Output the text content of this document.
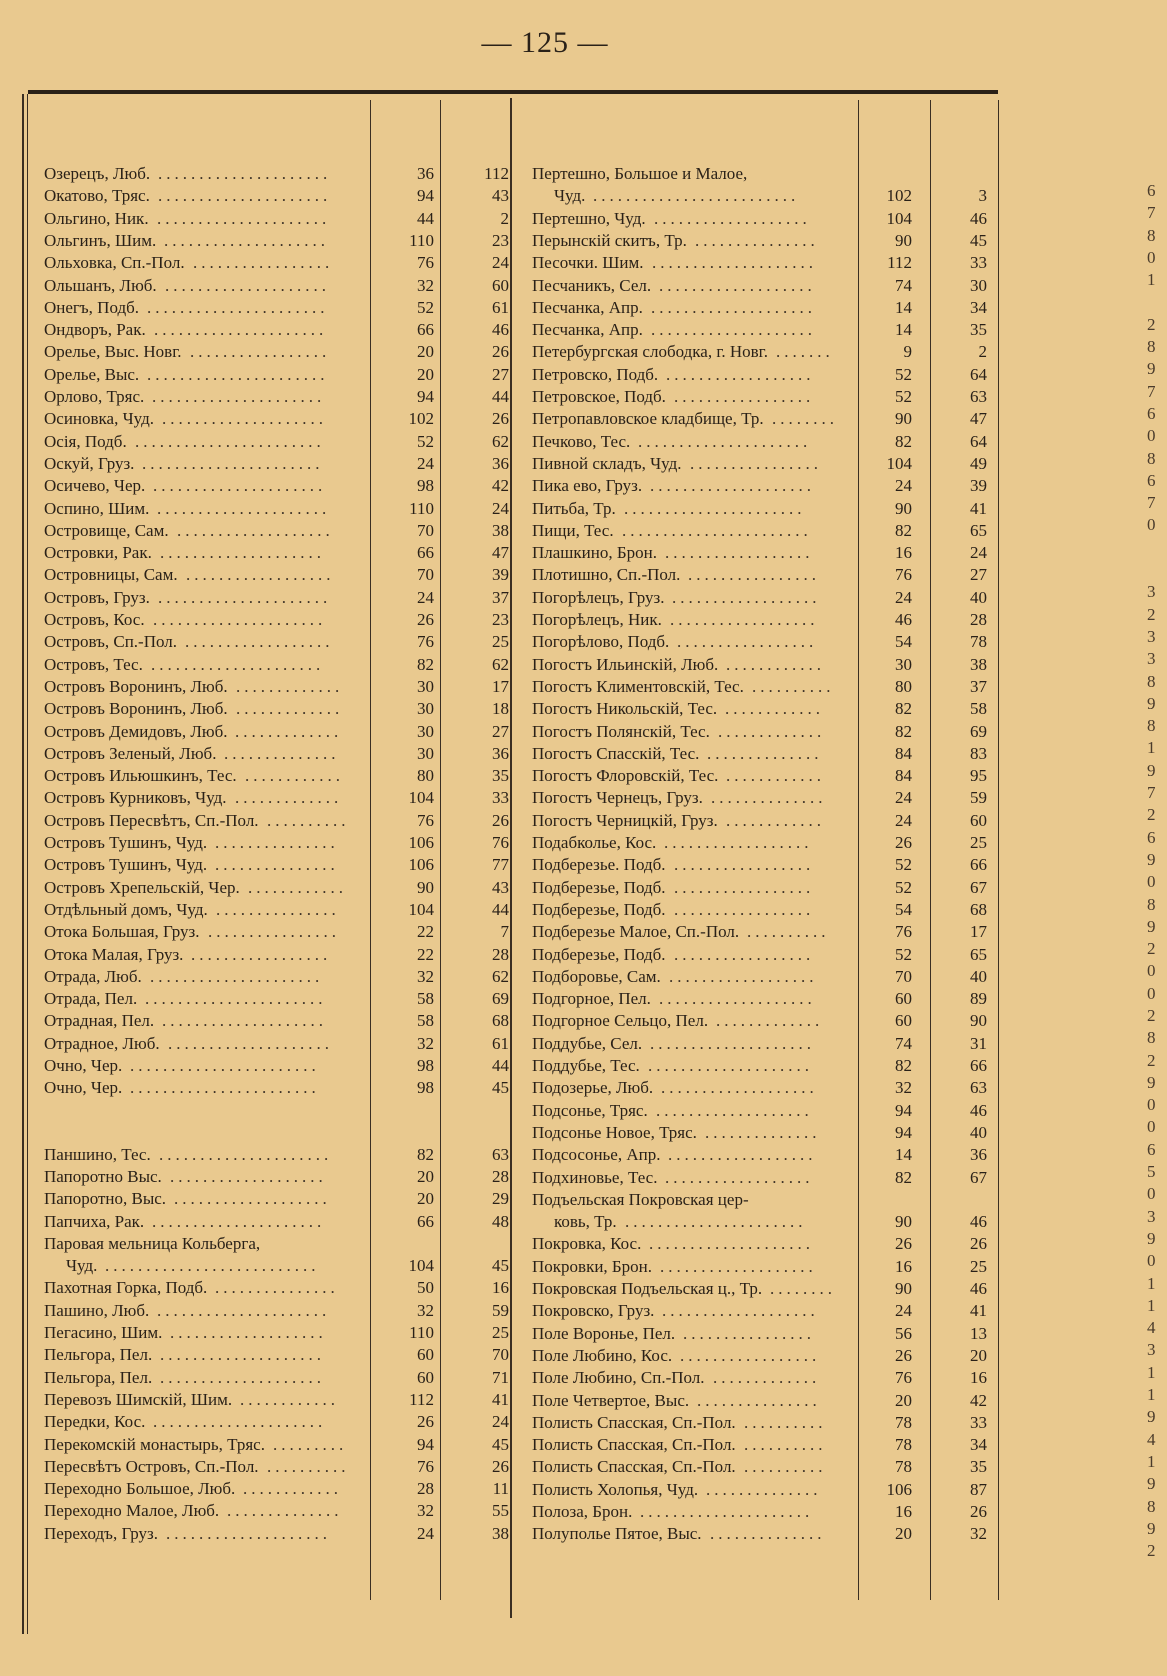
— 125 —
Озерецъ, Люб. .....................	36	112
Окатово, Тряс. .....................	94	43
Ольгино, Ник. .....................	44	2
Ольгинъ, Шим. ....................	110	23
Ольховка, Сп.-Пол. .................	76	24
Ольшанъ, Люб. ....................	32	60
Онегъ, Подб. ......................	52	61
Ондворъ, Рак. .....................	66	46
Орелье, Выс. Новг. .................	20	26
Орелье, Выс. ......................	20	27
Орлово, Тряс. .....................	94	44
Осиновка, Чуд. ....................	102	26
Осія, Подб. .......................	52	62
Оскуй, Груз. ......................	24	36
Осичево, Чер. .....................	98	42
Оспино, Шим. .....................	110	24
Островище, Сам. ...................	70	38
Островки, Рак. ....................	66	47
Островницы, Сам. ..................	70	39
Островъ, Груз. .....................	24	37
Островъ, Кос. .....................	26	23
Островъ, Сп.-Пол. ..................	76	25
Островъ, Тес. .....................	82	62
Островъ Воронинъ, Люб. .............	30	17
Островъ Воронинъ, Люб. .............	30	18
Островъ Демидовъ, Люб. .............	30	27
Островъ Зеленый, Люб. ..............	30	36
Островъ Ильюшкинъ, Тес. ............	80	35
Островъ Курниковъ, Чуд. .............	104	33
Островъ Пересвѣтъ, Сп.-Пол. ..........	76	26
Островъ Тушинъ, Чуд. ...............	106	76
Островъ Тушинъ, Чуд. ...............	106	77
Островъ Хрепельскій, Чер. ............	90	43
Отдѣльный домъ, Чуд. ...............	104	44
Отока Большая, Груз. ................	22	7
Отока Малая, Груз. .................	22	28
Отрада, Люб. .....................	32	62
Отрада, Пел. ......................	58	69
Отрадная, Пел. ....................	58	68
Отрадное, Люб. ....................	32	61
Очно, Чер. .......................	98	44
Очно, Чер. .......................	98	45
Паншино, Тес. .....................	82	63
Папоротно Выс. ...................	20	28
Папоротно, Выс. ...................	20	29
Папчиха, Рак. .....................	66	48
Паровая мельница Кольберга,
Чуд. ..........................	104	45
Пахотная Горка, Подб. ...............	50	16
Пашино, Люб. .....................	32	59
Пегасино, Шим. ...................	110	25
Пельгора, Пел. ....................	60	70
Пельгора, Пел. ....................	60	71
Перевозъ Шимскій, Шим. ............	112	41
Передки, Кос. .....................	26	24
Перекомскій монастырь, Тряс. .........	94	45
Пересвѣтъ Островъ, Сп.-Пол. ..........	76	26
Переходно Большое, Люб. ............	28	11
Переходно Малое, Люб. ..............	32	55
Переходъ, Груз. ....................	24	38
Пертешно, Большое и Малое,
Чуд. .........................	102	3
Пертешно, Чуд. ...................	104	46
Перынскій скитъ, Тр. ...............	90	45
Песочки. Шим. ....................	112	33
Песчаникъ, Сел. ...................	74	30
Песчанка, Апр. ....................	14	34
Песчанка, Апр. ....................	14	35
Петербургская слободка, г. Новг. .......	9	2
Петровско, Подб. ..................	52	64
Петровское, Подб. .................	52	63
Петропавловское кладбище, Тр. ........	90	47
Печково, Тес. .....................	82	64
Пивной складъ, Чуд. ................	104	49
Пика ево, Груз. ....................	24	39
Питьба, Тр. ......................	90	41
Пищи, Тес. .......................	82	65
Плашкино, Брон. ..................	16	24
Плотишно, Сп.-Пол. ................	76	27
Погорѣлецъ, Груз. ..................	24	40
Погорѣлецъ, Ник. ..................	46	28
Погорѣлово, Подб. .................	54	78
Погостъ Ильинскій, Люб. ............	30	38
Погостъ Климентовскій, Тес. ..........	80	37
Погостъ Никольскій, Тес. ............	82	58
Погостъ Полянскій, Тес. .............	82	69
Погостъ Спасскій, Тес. ..............	84	83
Погостъ Флоровскій, Тес. ............	84	95
Погостъ Чернецъ, Груз. ..............	24	59
Погостъ Черницкій, Груз. ............	24	60
Подабколье, Кос. ..................	26	25
Подберезье. Подб. .................	52	66
Подберезье, Подб. .................	52	67
Подберезье, Подб. .................	54	68
Подберезье Малое, Сп.-Пол. ..........	76	17
Подберезье, Подб. .................	52	65
Подборовье, Сам. ..................	70	40
Подгорное, Пел. ...................	60	89
Подгорное Сельцо, Пел. .............	60	90
Поддубье, Сел. ....................	74	31
Поддубье, Тес. ....................	82	66
Подозерье, Люб. ...................	32	63
Подсонье, Тряс. ...................	94	46
Подсонье Новое, Тряс. ..............	94	40
Подсосонье, Апр. ..................	14	36
Подхиновье, Тес. ..................	82	67
Подъельская Покровская цер-
ковь, Тр. ......................	90	46
Покровка, Кос. ....................	26	26
Покровки, Брон. ...................	16	25
Покровская Подъельская ц., Тр. ........	90	46
Покровско, Груз. ...................	24	41
Поле Воронье, Пел. ................	56	13
Поле Любино, Кос. .................	26	20
Поле Любино, Сп.-Пол. .............	76	16
Поле Четвертое, Выс. ...............	20	42
Полисть Спасская, Сп.-Пол. ..........	78	33
Полисть Спасская, Сп.-Пол. ..........	78	34
Полисть Спасская, Сп.-Пол. ..........	78	35
Полисть Холопья, Чуд. ..............	106	87
Полоза, Брон. .....................	16	26
Полуполье Пятое, Выс. ..............	20	32
6
7
8
0
1
2
8
9
7
6
0
8
6
7
0
3
2
3
3
8
9
8
1
9
7
2
6
9
0
8
9
2
0
0
2
8
2
9
0
0
6
5
0
3
9
0
1
1
4
3
1
1
9
4
1
9
8
9
2
